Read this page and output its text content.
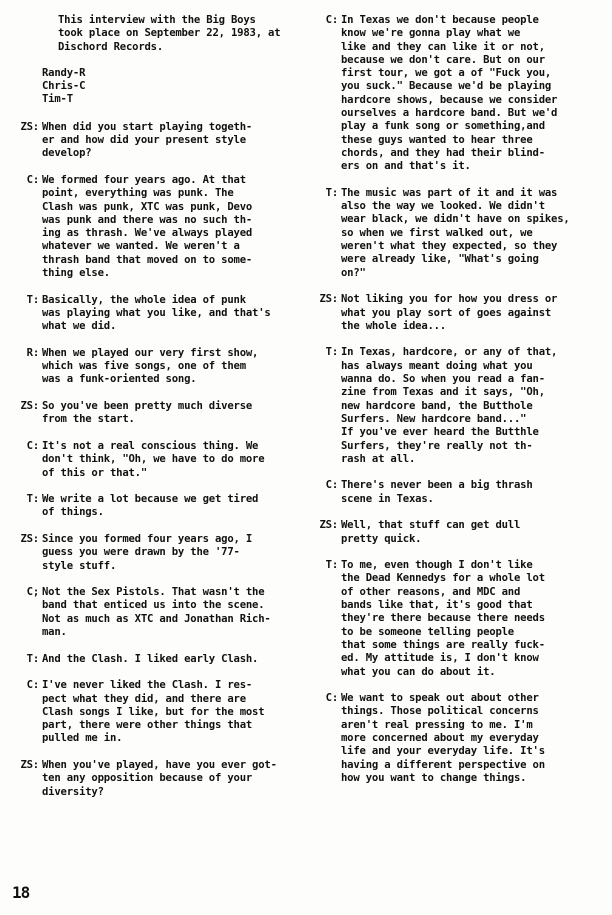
This interview with the Big Boys
took place on September 22, 1983, at
Dischord Records.
Randy-R
Chris-C
Tim-T
ZS: When did you start playing togeth-
er and how did your present style
develop?
C: We formed four years ago. At that
point, everything was punk. The
Clash was punk, XTC was punk, Devo
was punk and there was no such th-
ing as thrash. We've always played
whatever we wanted. We weren't a
thrash band that moved on to some-
thing else.
T: Basically, the whole idea of punk
was playing what you like, and that's
what we did.
R: When we played our very first show,
which was five songs, one of them
was a funk-oriented song.
ZS: So you've been pretty much diverse
from the start.
C: It's not a real conscious thing. We
don't think, "Oh, we have to do more
of this or that."
T: We write a lot because we get tired
of things.
ZS: Since you formed four years ago, I
guess you were drawn by the '77-
style stuff.
C; Not the Sex Pistols. That wasn't the
band that enticed us into the scene.
Not as much as XTC and Jonathan Rich-
man.
T: And the Clash. I liked early Clash.
C: I've never liked the Clash. I res-
pect what they did, and there are
Clash songs I like, but for the most
part, there were other things that
pulled me in.
ZS: When you've played, have you ever got-
ten any opposition because of your
diversity?
C: In Texas we don't because people
know we're gonna play what we
like and they can like it or not,
because we don't care. But on our
first tour, we got a of "Fuck you,
you suck." Because we'd be playing
hardcore shows, because we consider
ourselves a hardcore band. But we'd
play a funk song or something,and
these guys wanted to hear three
chords, and they had their blind-
ers on and that's it.
T: The music was part of it and it was
also the way we looked. We didn't
wear black, we didn't have on spikes,
so when we first walked out, we
weren't what they expected, so they
were already like, "What's going
on?"
ZS: Not liking you for how you dress or
what you play sort of goes against
the whole idea...
T: In Texas, hardcore, or any of that,
has always meant doing what you
wanna do. So when you read a fan-
zine from Texas and it says, "Oh,
new hardcore band, the Butthole
Surfers. New hardcore band..."
If you've ever heard the Butthle
Surfers, they're really not th-
rash at all.
C: There's never been a big thrash
scene in Texas.
ZS: Well, that stuff can get dull
pretty quick.
T: To me, even though I don't like
the Dead Kennedys for a whole lot
of other reasons, and MDC and
bands like that, it's good that
they're there because there needs
to be someone telling people
that some things are really fuck-
ed. My attitude is, I don't know
what you can do about it.
C: We want to speak out about other
things. Those political concerns
aren't real pressing to me. I'm
more concerned about my everyday
life and your everyday life. It's
having a different perspective on
how you want to change things.
18
